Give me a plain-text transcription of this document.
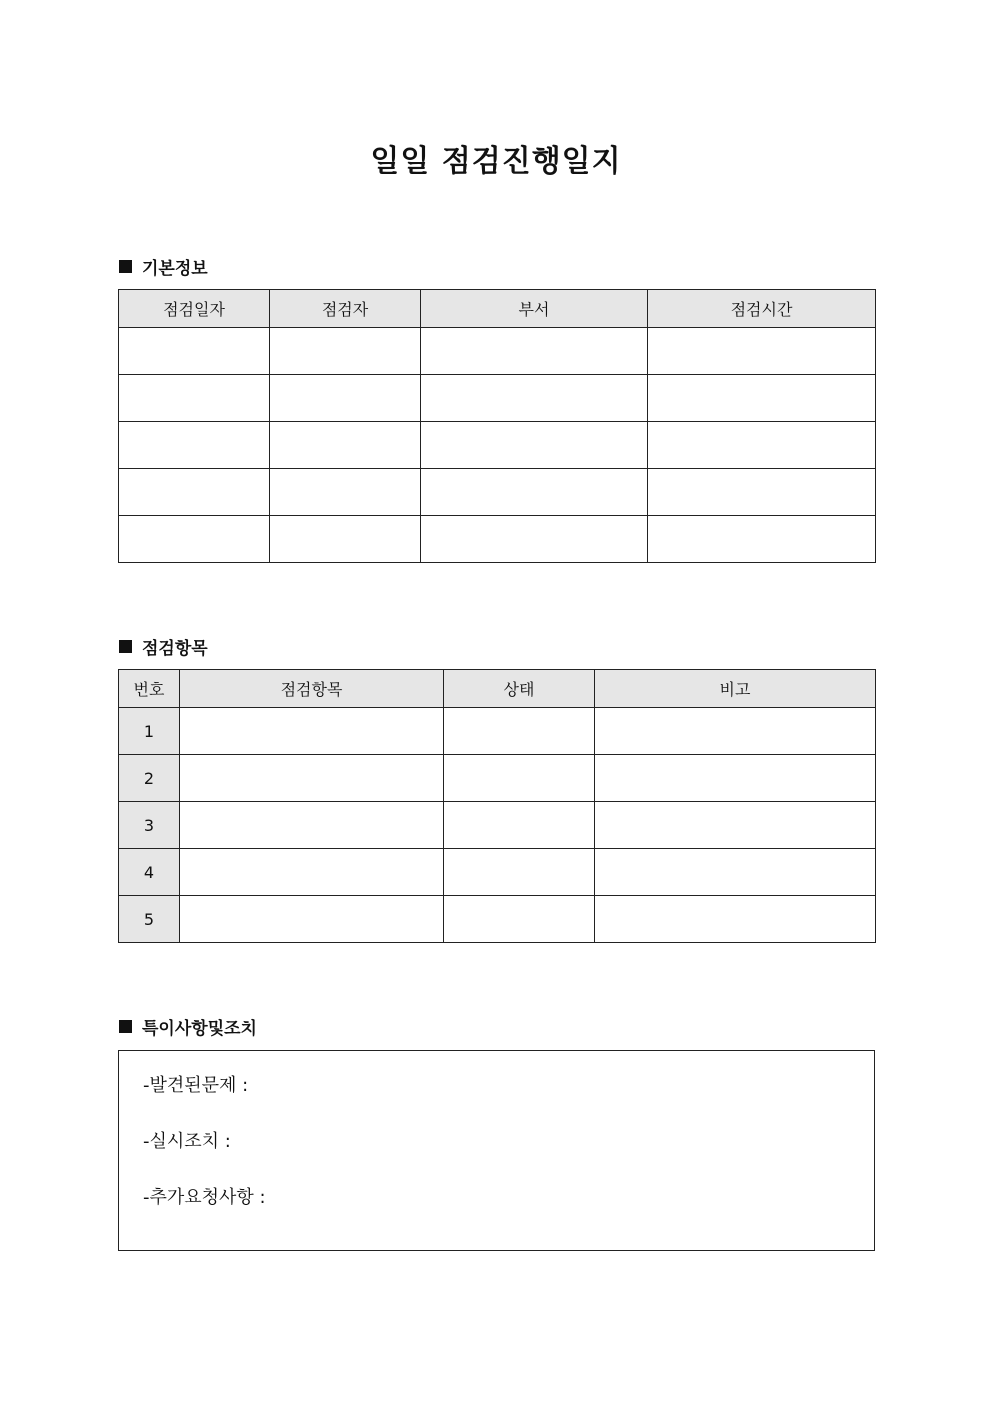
일일 점검진행일지
기본정보
점검일자	점검자	부서	점검시간

점검항목
번호	점검항목	상태	비고
1			
2			
3			
4			
5			
특이사항및조치

-발견된문제 :

-실시조치 :

-추가요청사항 :
